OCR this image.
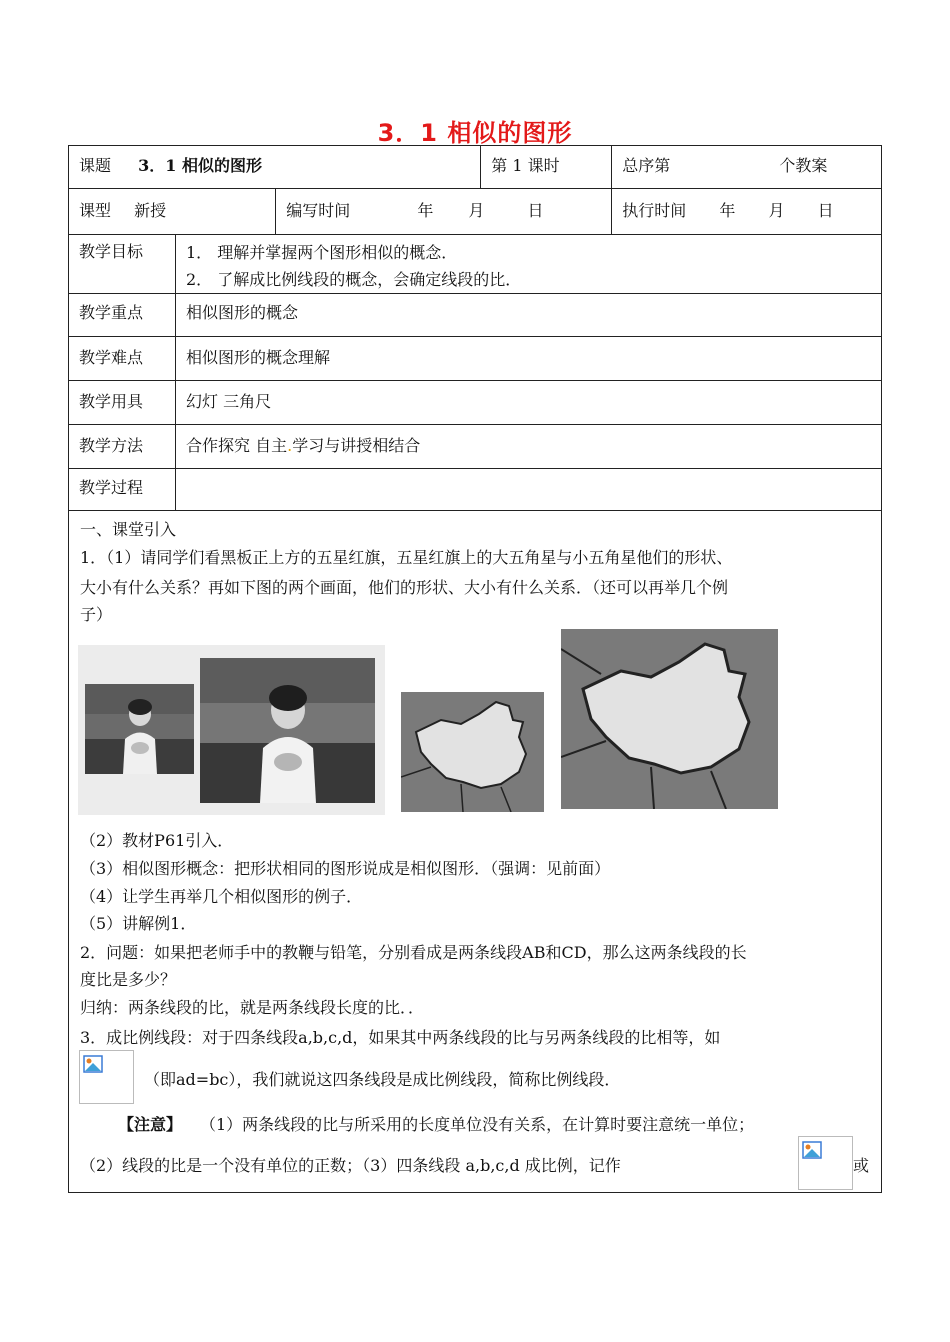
3．1 相似的图形
课题 3．1 相似的图形			第 1 课时	总序第 个教案
课型 新授		编写时间 年 月 日		执行时间 年 月 日
教学目标	1． 理解并掌握两个图形相似的概念．
2． 了解成比例线段的概念，会确定线段的比．			

教学重点	相似图形的概念			
教学难点	相似图形的概念理解			
教学用具	幻灯 三角尺			
教学方法	合作探究 自主.学习与讲授相结合			
教学过程				
一、课堂引入
1．（1）请同学们看黑板正上方的五星红旗，五星红旗上的大五角星与小五角星他们的形状、
大小有什么关系？再如下图的两个画面，他们的形状、大小有什么关系．（还可以再举几个例
子）
（2）教材P61引入．
（3）相似图形概念：把形状相同的图形说成是相似图形．（强调：见前面）
（4）让学生再举几个相似图形的例子．
（5）讲解例1．
2．问题：如果把老师手中的教鞭与铅笔，分别看成是两条线段AB和CD，那么这两条线段的长
度比是多少？
归纳：两条线段的比，就是两条线段长度的比．．
3．成比例线段：对于四条线段a,b,c,d，如果其中两条线段的比与另两条线段的比相等，如
（即ad=bc），我们就说这四条线段是成比例线段，简称比例线段．
【注意】 （1）两条线段的比与所采用的长度单位没有关系，在计算时要注意统一单位；
（2）线段的比是一个没有单位的正数；（3）四条线段 a,b,c,d 成比例，记作	或
